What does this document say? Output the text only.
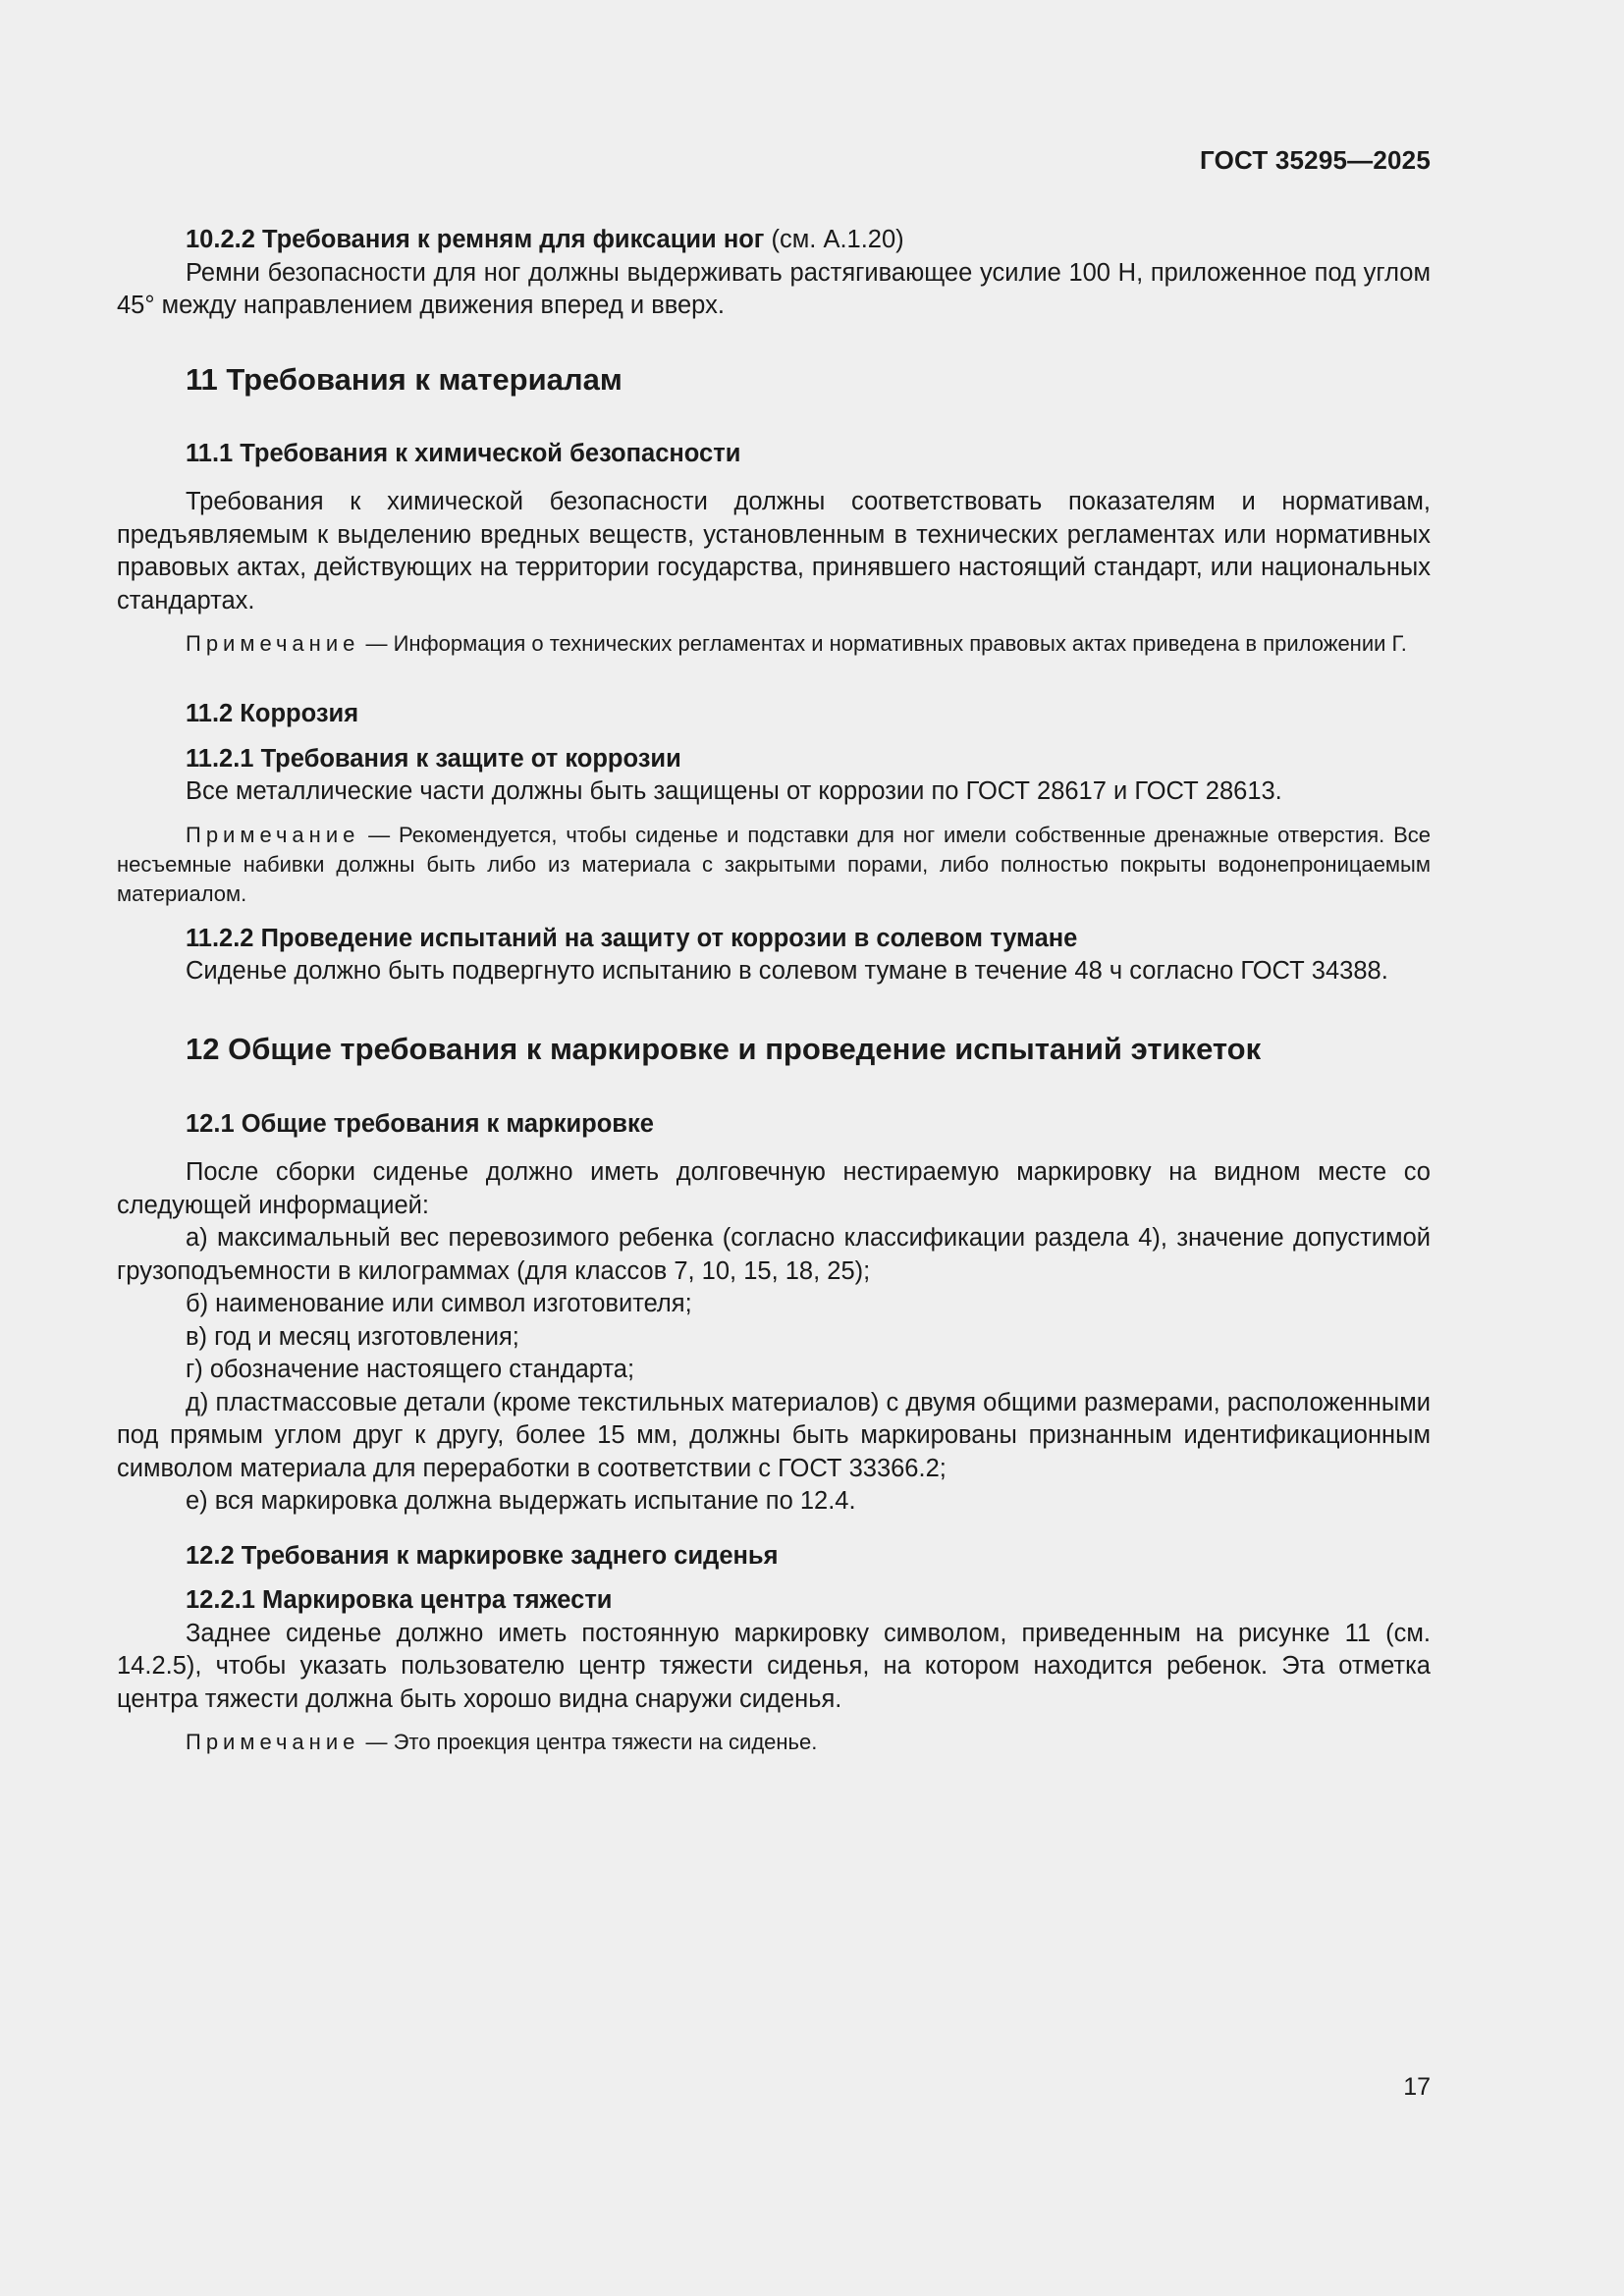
ГОСТ 35295—2025

10.2.2 Требования к ремням для фиксации ног (см. А.1.20)

Ремни безопасности для ног должны выдерживать растягивающее усилие 100 Н, приложенное под углом 45° между направлением движения вперед и вверх.

11 Требования к материалам
11.1 Требования к химической безопасности

Требования к химической безопасности должны соответствовать показателям и нормативам, предъявляемым к выделению вредных веществ, установленным в технических регламентах или нормативных правовых актах, действующих на территории государства, принявшего настоящий стандарт, или национальных стандартах.

Примечание — Информация о технических регламентах и нормативных правовых актах приведена в приложении Г.

11.2 Коррозия
11.2.1 Требования к защите от коррозии

Все металлические части должны быть защищены от коррозии по ГОСТ 28617 и ГОСТ 28613.

Примечание — Рекомендуется, чтобы сиденье и подставки для ног имели собственные дренажные отверстия. Все несъемные набивки должны быть либо из материала с закрытыми порами, либо полностью покрыты водонепроницаемым материалом.

11.2.2 Проведение испытаний на защиту от коррозии в солевом тумане

Сиденье должно быть подвергнуто испытанию в солевом тумане в течение 48 ч согласно ГОСТ 34388.

12 Общие требования к маркировке и проведение испытаний этикеток
12.1 Общие требования к маркировке

После сборки сиденье должно иметь долговечную нестираемую маркировку на видном месте со следующей информацией:

а) максимальный вес перевозимого ребенка (согласно классификации раздела 4), значение допустимой грузоподъемности в килограммах (для классов 7, 10, 15, 18, 25);

б) наименование или символ изготовителя;

в) год и месяц изготовления;

г) обозначение настоящего стандарта;

д) пластмассовые детали (кроме текстильных материалов) с двумя общими размерами, расположенными под прямым углом друг к другу, более 15 мм, должны быть маркированы признанным идентификационным символом материала для переработки в соответствии с ГОСТ 33366.2;

е) вся маркировка должна выдержать испытание по 12.4.

12.2 Требования к маркировке заднего сиденья
12.2.1 Маркировка центра тяжести

Заднее сиденье должно иметь постоянную маркировку символом, приведенным на рисунке 11 (см. 14.2.5), чтобы указать пользователю центр тяжести сиденья, на котором находится ребенок. Эта отметка центра тяжести должна быть хорошо видна снаружи сиденья.

Примечание — Это проекция центра тяжести на сиденье.

17
